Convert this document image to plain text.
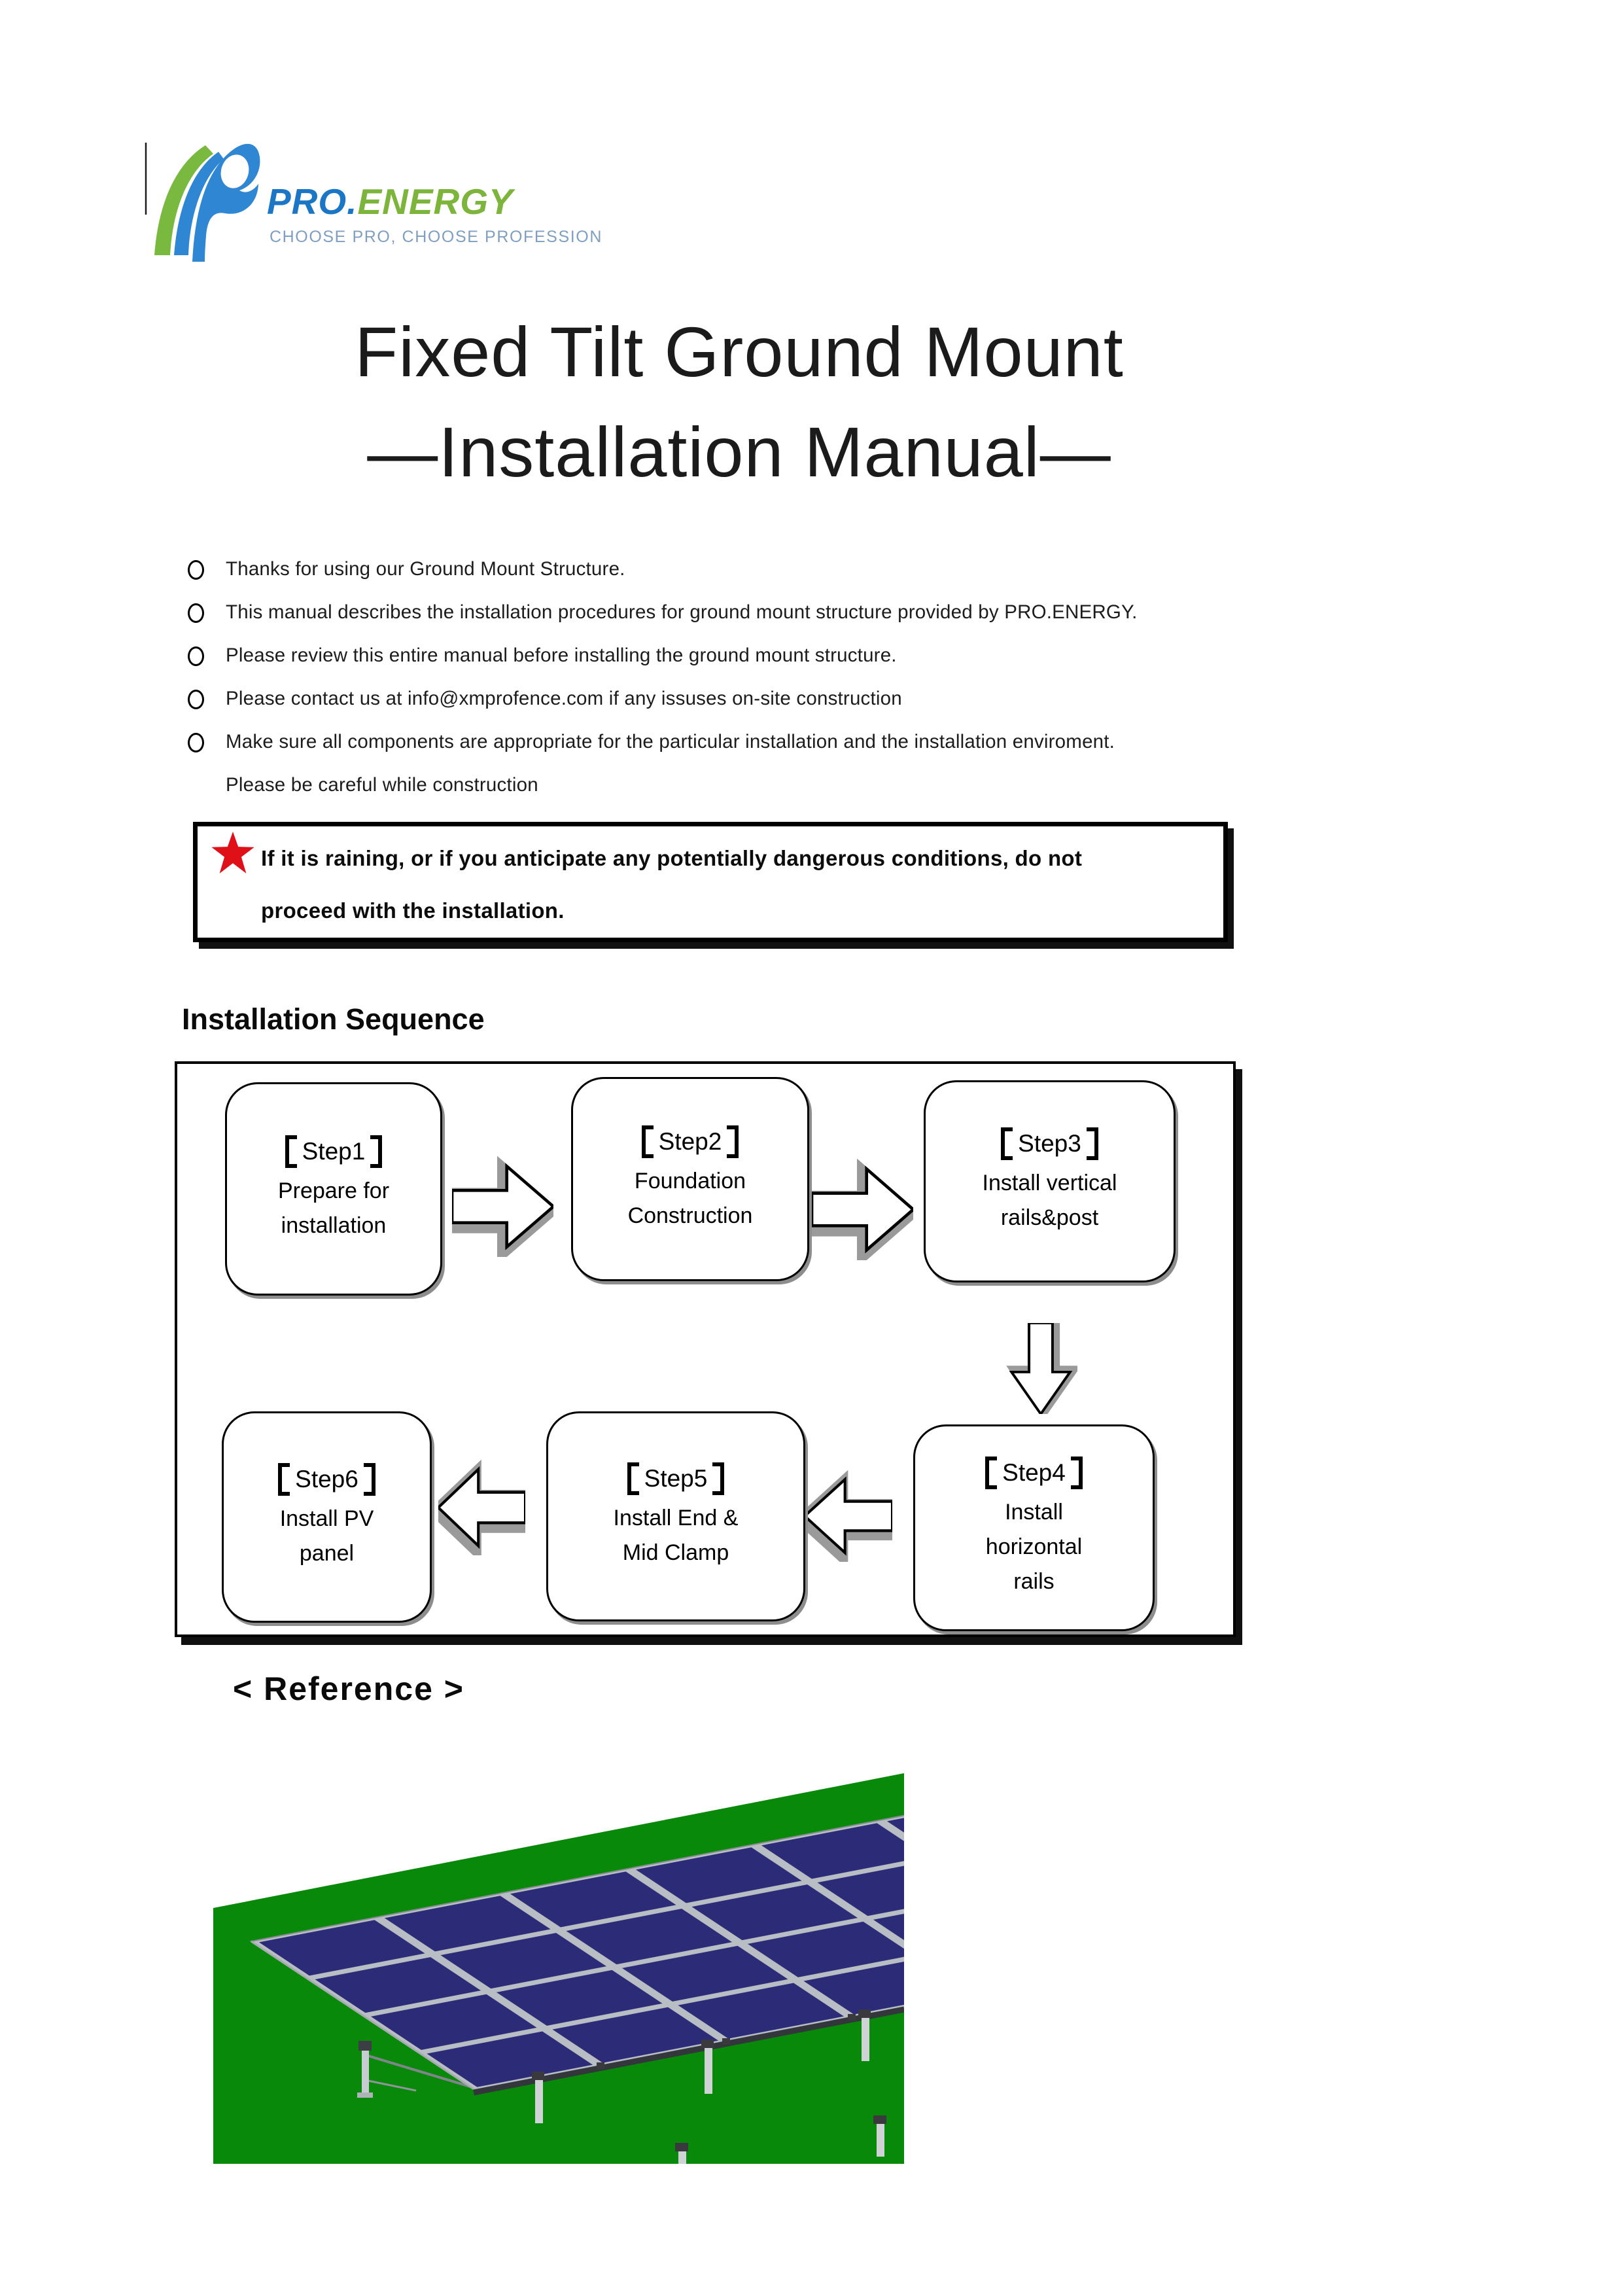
PRO.ENERGY
CHOOSE PRO, CHOOSE PROFESSION
Fixed Tilt Ground Mount
—Installation Manual—
Thanks for using our Ground Mount Structure.
This manual describes the installation procedures for ground mount structure provided by PRO.ENERGY.
Please review this entire manual before installing the ground mount structure.
Please contact us at info@xmprofence.com if any issuses on-site construction
Make sure all components are appropriate for the particular installation and the installation enviroment.
Please be careful while construction
If it is raining, or if you anticipate any potentially dangerous conditions, do not
proceed with the installation.
Installation Sequence
Step1
Prepare for
installation
Step2
Foundation
Construction
Step3
Install vertical
rails&post
Step4
Install
horizontal
rails
Step5
Install End &
Mid Clamp
Step6
Install PV
panel
< Reference >
